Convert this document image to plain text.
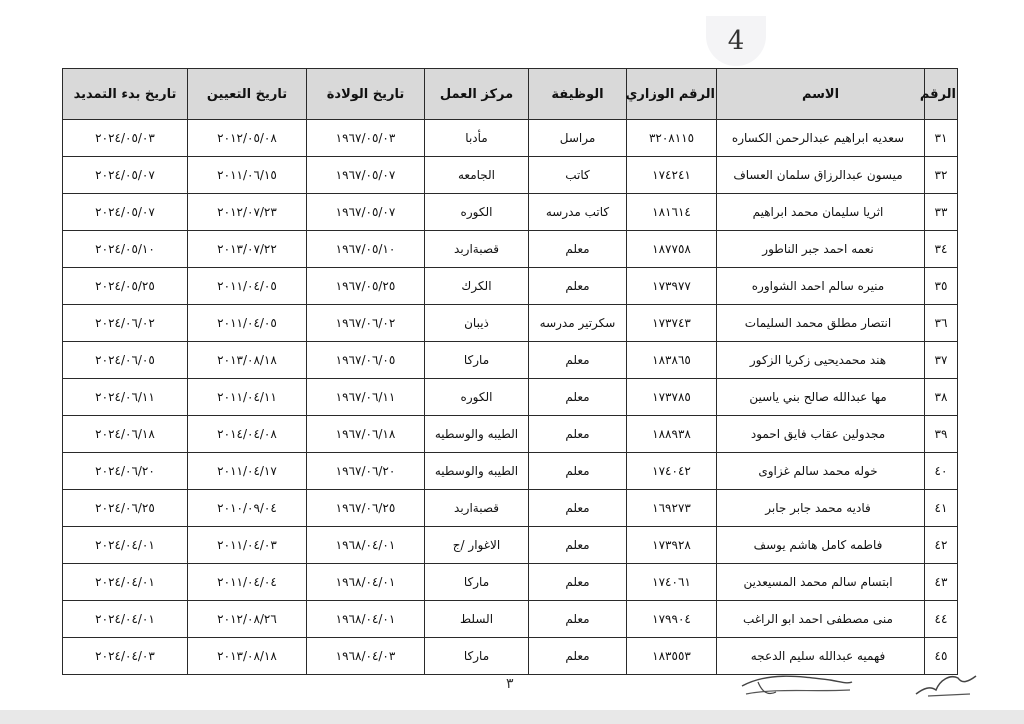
4
الرقم	الاسم	الرقم الوزاري	الوظيفة	مركز العمل	تاريخ الولادة	تاريخ التعيين	تاريخ بدء التمديد
٣١	سعديه ابراهيم عبدالرحمن الكساره	٣٢٠٨١١٥	مراسل	مأدبا	١٩٦٧/٠٥/٠٣	٢٠١٢/٠٥/٠٨	٢٠٢٤/٠٥/٠٣
٣٢	ميسون عبدالرزاق سلمان العساف	١٧٤٢٤١	كاتب	الجامعه	١٩٦٧/٠٥/٠٧	٢٠١١/٠٦/١٥	٢٠٢٤/٠٥/٠٧
٣٣	اثريا سليمان محمد ابراهيم	١٨١٦١٤	كاتب مدرسه	الكوره	١٩٦٧/٠٥/٠٧	٢٠١٢/٠٧/٢٣	٢٠٢٤/٠٥/٠٧
٣٤	نعمه احمد جبر الناطور	١٨٧٧٥٨	معلم	قصبةاربد	١٩٦٧/٠٥/١٠	٢٠١٣/٠٧/٢٢	٢٠٢٤/٠٥/١٠
٣٥	منيره سالم احمد الشواوره	١٧٣٩٧٧	معلم	الكرك	١٩٦٧/٠٥/٢٥	٢٠١١/٠٤/٠٥	٢٠٢٤/٠٥/٢٥
٣٦	انتصار مطلق محمد السليمات	١٧٣٧٤٣	سكرتير مدرسه	ذيبان	١٩٦٧/٠٦/٠٢	٢٠١١/٠٤/٠٥	٢٠٢٤/٠٦/٠٢
٣٧	هند محمديحيى زكريا الزكور	١٨٣٨٦٥	معلم	ماركا	١٩٦٧/٠٦/٠٥	٢٠١٣/٠٨/١٨	٢٠٢٤/٠٦/٠٥
٣٨	مها عبدالله صالح بني ياسين	١٧٣٧٨٥	معلم	الكوره	١٩٦٧/٠٦/١١	٢٠١١/٠٤/١١	٢٠٢٤/٠٦/١١
٣٩	مجدولين عقاب فايق احمود	١٨٨٩٣٨	معلم	الطيبه والوسطيه	١٩٦٧/٠٦/١٨	٢٠١٤/٠٤/٠٨	٢٠٢٤/٠٦/١٨
٤٠	خوله محمد سالم غزاوى	١٧٤٠٤٢	معلم	الطيبه والوسطيه	١٩٦٧/٠٦/٢٠	٢٠١١/٠٤/١٧	٢٠٢٤/٠٦/٢٠
٤١	فاديه محمد جابر جابر	١٦٩٢٧٣	معلم	قصبةاربد	١٩٦٧/٠٦/٢٥	٢٠١٠/٠٩/٠٤	٢٠٢٤/٠٦/٢٥
٤٢	فاطمه كامل هاشم يوسف	١٧٣٩٢٨	معلم	الاغوار /ج	١٩٦٨/٠٤/٠١	٢٠١١/٠٤/٠٣	٢٠٢٤/٠٤/٠١
٤٣	ابتسام سالم محمد المسيعدين	١٧٤٠٦١	معلم	ماركا	١٩٦٨/٠٤/٠١	٢٠١١/٠٤/٠٤	٢٠٢٤/٠٤/٠١
٤٤	منى مصطفى احمد ابو الراغب	١٧٩٩٠٤	معلم	السلط	١٩٦٨/٠٤/٠١	٢٠١٢/٠٨/٢٦	٢٠٢٤/٠٤/٠١
٤٥	فهميه عبدالله سليم الدعجه	١٨٣٥٥٣	معلم	ماركا	١٩٦٨/٠٤/٠٣	٢٠١٣/٠٨/١٨	٢٠٢٤/٠٤/٠٣
٣
